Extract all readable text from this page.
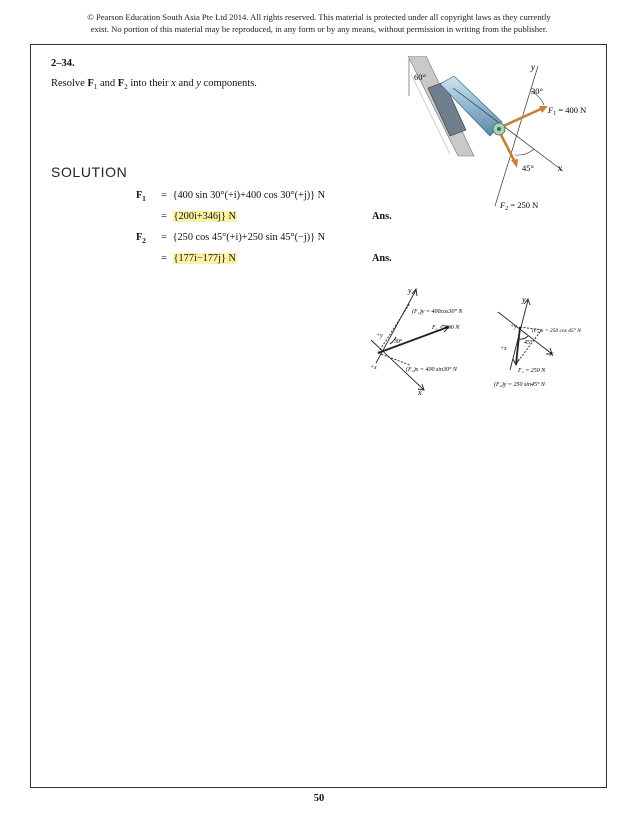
© Pearson Education South Asia Pte Ltd 2014. All rights reserved. This material is protected under all copyright laws as they currently
exist. No portion of this material may be reproduced, in any form or by any means, without permission in writing from the publisher.
2–34.
Resolve $F_1$ and $F_2$ into their x and y components.
60°
y
x
30°
45°
$F_1 = 400$ N
$F_2 = 250$ N
SOLUTION
$F_1 = \{400$ sin 30°(+i)+400 cos 30°(+j)} N
= {200i+346j} N	Ans.
$F_2 = \{250$ cos 45°(+i)+250 sin 45°(−j)} N
= {177i−177j} N	Ans.
y
x
(F₁)y = 400cos30° N
F₁ = 400 N
(F₁)x = 400 sin30° N
30°
+y
+x
y
x
(F₂)x = 250 cos 45° N
45°
F₂ = 250 N
(F₂)y = 250 sin45° N
+y
+x
50
